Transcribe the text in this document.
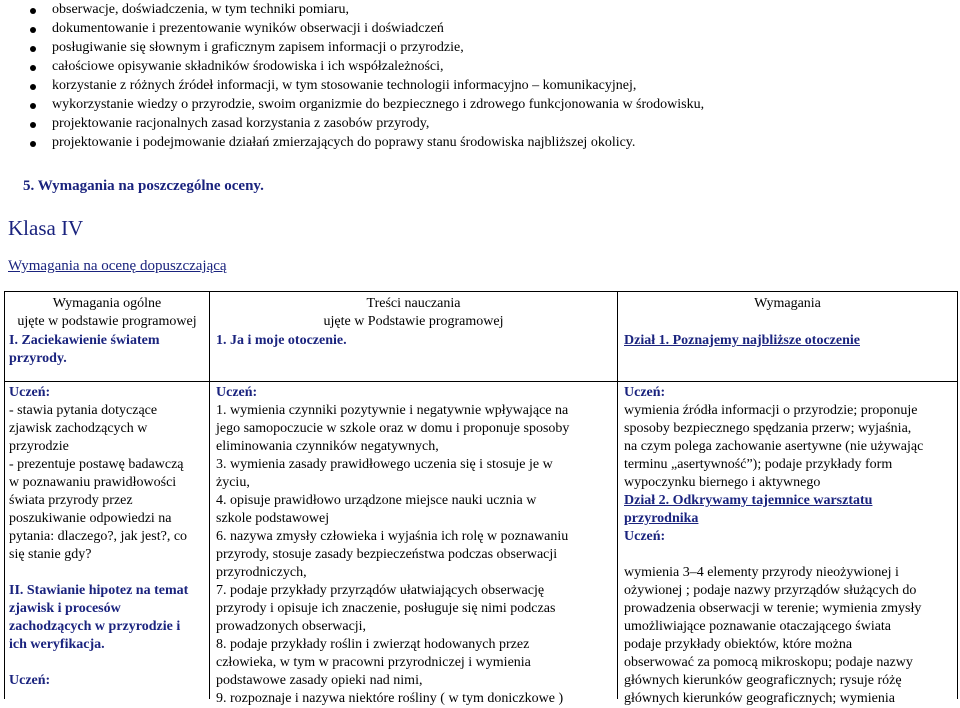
obserwacje, doświadczenia, w tym techniki pomiaru,
dokumentowanie i prezentowanie wyników obserwacji i doświadczeń
posługiwanie się słownym i graficznym zapisem informacji o przyrodzie,
całościowe opisywanie składników środowiska i ich współzależności,
korzystanie z różnych źródeł informacji, w tym stosowanie technologii informacyjno – komunikacyjnej,
wykorzystanie wiedzy o przyrodzie, swoim organizmie do bezpiecznego i zdrowego funkcjonowania w środowisku,
projektowanie racjonalnych zasad korzystania z zasobów przyrody,
projektowanie i podejmowanie działań zmierzających do poprawy stanu środowiska najbliższej okolicy.
5. Wymagania na poszczególne oceny.
Klasa IV
Wymagania na ocenę dopuszczającą
Wymagania ogólne
ujęte w podstawie programowej
Treści nauczania
ujęte w Podstawie programowej
Wymagania
I. Zaciekawienie światem
przyrody.
1. Ja i moje otoczenie.	Dział 1. Poznajemy najbliższe otoczenie
Uczeń:
- stawia pytania dotyczące
zjawisk zachodzących w
przyrodzie
- prezentuje postawę badawczą
w poznawaniu prawidłowości
świata przyrody przez
poszukiwanie odpowiedzi na
pytania: dlaczego?, jak jest?, co
się stanie gdy?
II. Stawianie hipotez na temat
zjawisk i procesów
zachodzących w przyrodzie i
ich weryfikacja.
Uczeń:
Uczeń:
1. wymienia czynniki pozytywnie i negatywnie wpływające na
jego samopoczucie w szkole oraz w domu i proponuje sposoby
eliminowania czynników negatywnych,
3. wymienia zasady prawidłowego uczenia się i stosuje je w
życiu,
4. opisuje prawidłowo urządzone miejsce nauki ucznia w
szkole podstawowej
6. nazywa zmysły człowieka i wyjaśnia ich rolę w poznawaniu
przyrody, stosuje zasady bezpieczeństwa podczas obserwacji
przyrodniczych,
7. podaje przykłady przyrządów ułatwiających obserwację
przyrody i opisuje ich znaczenie, posługuje się nimi podczas
prowadzonych obserwacji,
8. podaje przykłady roślin i zwierząt hodowanych przez
człowieka, w tym w pracowni przyrodniczej i wymienia
podstawowe zasady opieki nad nimi,
9. rozpoznaje i nazywa niektóre rośliny ( w tym doniczkowe )
Uczeń:
wymienia źródła informacji o przyrodzie; proponuje
sposoby bezpiecznego spędzania przerw; wyjaśnia,
na czym polega zachowanie asertywne (nie używając
terminu „asertywność”); podaje przykłady form
wypoczynku biernego i aktywnego
Dział 2. Odkrywamy tajemnice warsztatu
przyrodnika
Uczeń:
wymienia 3–4 elementy przyrody nieożywionej i
ożywionej ; podaje nazwy przyrządów służących do
prowadzenia obserwacji w terenie; wymienia zmysły
umożliwiające poznawanie otaczającego świata
podaje przykłady obiektów, które można
obserwować za pomocą mikroskopu; podaje nazwy
głównych kierunków geograficznych; rysuje różę
głównych kierunków geograficznych; wymienia
